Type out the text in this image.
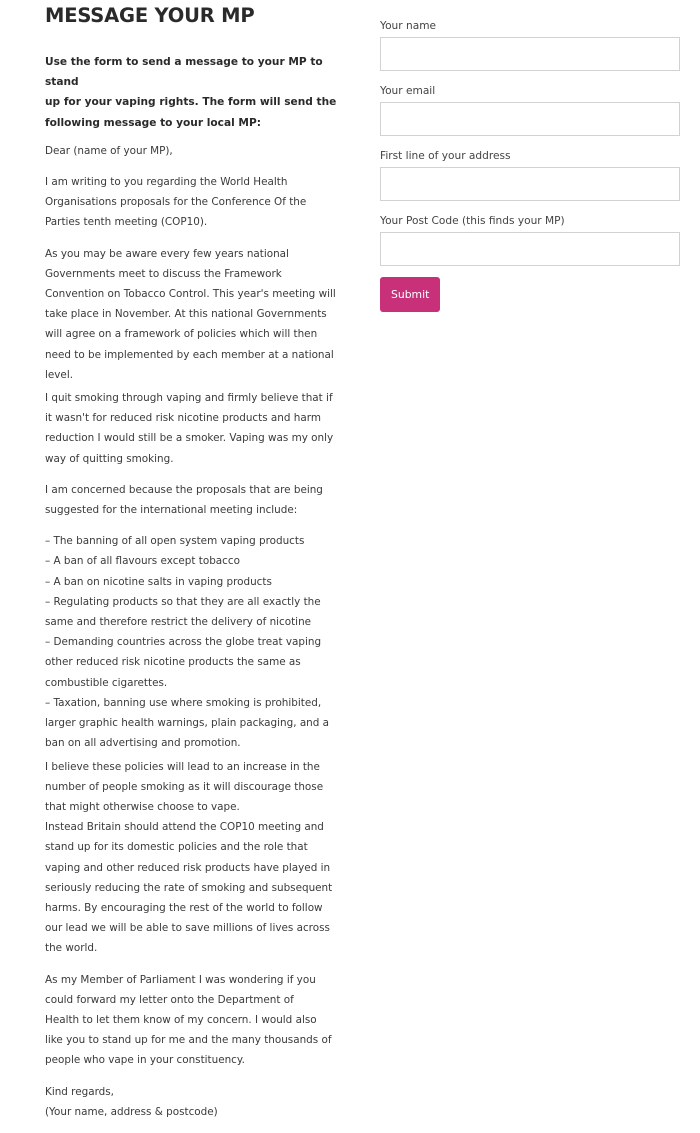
MESSAGE YOUR MP

Use the form to send a message to your MP to stand
up for your vaping rights. The form will send the
following message to your local MP:

Dear (name of your MP),

I am writing to you regarding the World Health
Organisations proposals for the Conference Of the
Parties tenth meeting (COP10).

As you may be aware every few years national
Governments meet to discuss the Framework
Convention on Tobacco Control. This year's meeting will
take place in November. At this national Governments
will agree on a framework of policies which will then
need to be implemented by each member at a national
level.

I quit smoking through vaping and firmly believe that if
it wasn't for reduced risk nicotine products and harm
reduction I would still be a smoker. Vaping was my only
way of quitting smoking.

I am concerned because the proposals that are being
suggested for the international meeting include:

– The banning of all open system vaping products
– A ban of all flavours except tobacco
– A ban on nicotine salts in vaping products
– Regulating products so that they are all exactly the
same and therefore restrict the delivery of nicotine
– Demanding countries across the globe treat vaping
other reduced risk nicotine products the same as
combustible cigarettes.
– Taxation, banning use where smoking is prohibited,
larger graphic health warnings, plain packaging, and a
ban on all advertising and promotion.

I believe these policies will lead to an increase in the
number of people smoking as it will discourage those
that might otherwise choose to vape.
Instead Britain should attend the COP10 meeting and
stand up for its domestic policies and the role that
vaping and other reduced risk products have played in
seriously reducing the rate of smoking and subsequent
harms. By encouraging the rest of the world to follow
our lead we will be able to save millions of lives across
the world.

As my Member of Parliament I was wondering if you
could forward my letter onto the Department of
Health to let them know of my concern. I would also
like you to stand up for me and the many thousands of
people who vape in your constituency.

Kind regards,
(Your name, address & postcode)

Your name
Your email
First line of your address
Your Post Code (this finds your MP)
Submit
